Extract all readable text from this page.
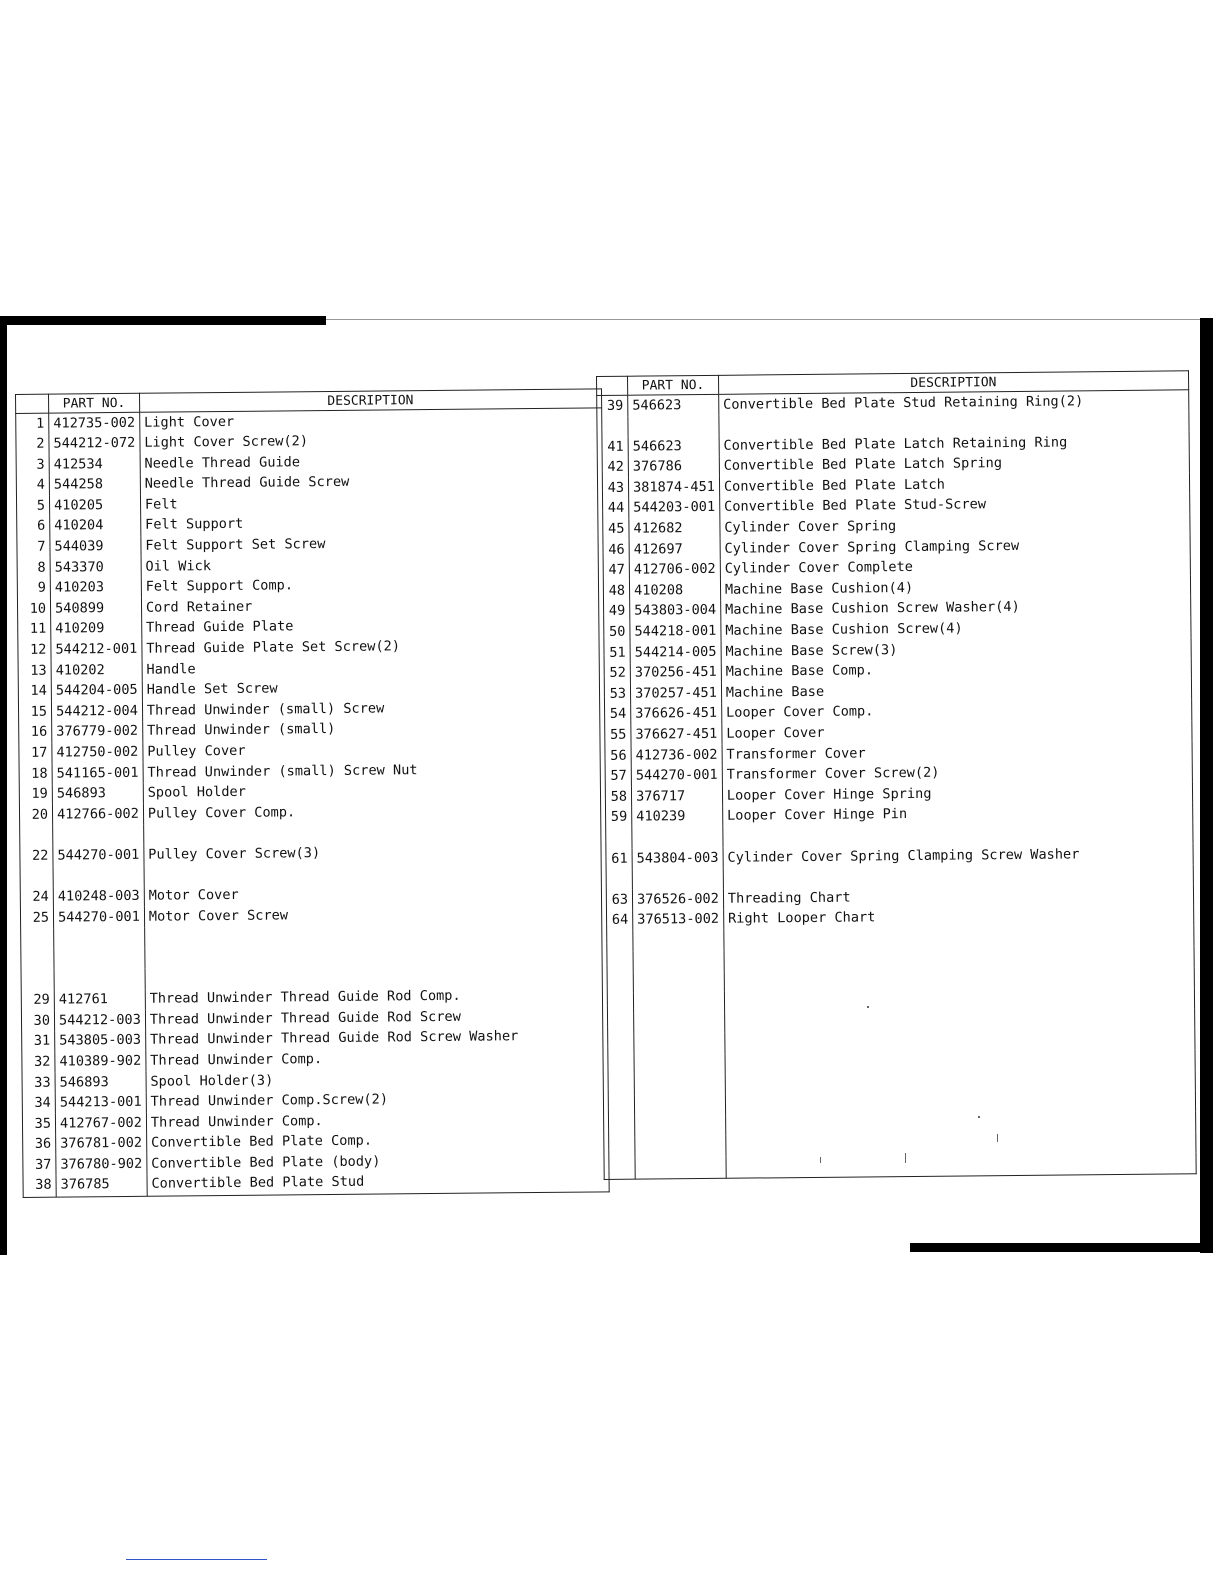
	PART NO.	DESCRIPTION
1	412735-002	Light Cover
2	544212-072	Light Cover Screw(2)
3	412534	Needle Thread Guide
4	544258	Needle Thread Guide Screw
5	410205	Felt
6	410204	Felt Support
7	544039	Felt Support Set Screw
8	543370	Oil Wick
9	410203	Felt Support Comp.
10	540899	Cord Retainer
11	410209	Thread Guide Plate
12	544212-001	Thread Guide Plate Set Screw(2)
13	410202	Handle
14	544204-005	Handle Set Screw
15	544212-004	Thread Unwinder (small) Screw
16	376779-002	Thread Unwinder (small)
17	412750-002	Pulley Cover
18	541165-001	Thread Unwinder (small) Screw Nut
19	546893	Spool Holder
20	412766-002	Pulley Cover Comp.

22	544270-001	Pulley Cover Screw(3)

24	410248-003	Motor Cover
25	544270-001	Motor Cover Screw

29	412761	Thread Unwinder Thread Guide Rod Comp.
30	544212-003	Thread Unwinder Thread Guide Rod Screw
31	543805-003	Thread Unwinder Thread Guide Rod Screw Washer
32	410389-902	Thread Unwinder Comp.
33	546893	Spool Holder(3)
34	544213-001	Thread Unwinder Comp.Screw(2)
35	412767-002	Thread Unwinder Comp.
36	376781-002	Convertible Bed Plate Comp.
37	376780-902	Convertible Bed Plate (body)
38	376785	Convertible Bed Plate Stud
	PART NO.	DESCRIPTION
39	546623	Convertible Bed Plate Stud Retaining Ring(2)

41	546623	Convertible Bed Plate Latch Retaining Ring
42	376786	Convertible Bed Plate Latch Spring
43	381874-451	Convertible Bed Plate Latch
44	544203-001	Convertible Bed Plate Stud-Screw
45	412682	Cylinder Cover Spring
46	412697	Cylinder Cover Spring Clamping Screw
47	412706-002	Cylinder Cover Complete
48	410208	Machine Base Cushion(4)
49	543803-004	Machine Base Cushion Screw Washer(4)
50	544218-001	Machine Base Cushion Screw(4)
51	544214-005	Machine Base Screw(3)
52	370256-451	Machine Base Comp.
53	370257-451	Machine Base
54	376626-451	Looper Cover Comp.
55	376627-451	Looper Cover
56	412736-002	Transformer Cover
57	544270-001	Transformer Cover Screw(2)
58	376717	Looper Cover Hinge Spring
59	410239	Looper Cover Hinge Pin

61	543804-003	Cylinder Cover Spring Clamping Screw Washer

63	376526-002	Threading Chart
64	376513-002	Right Looper Chart
